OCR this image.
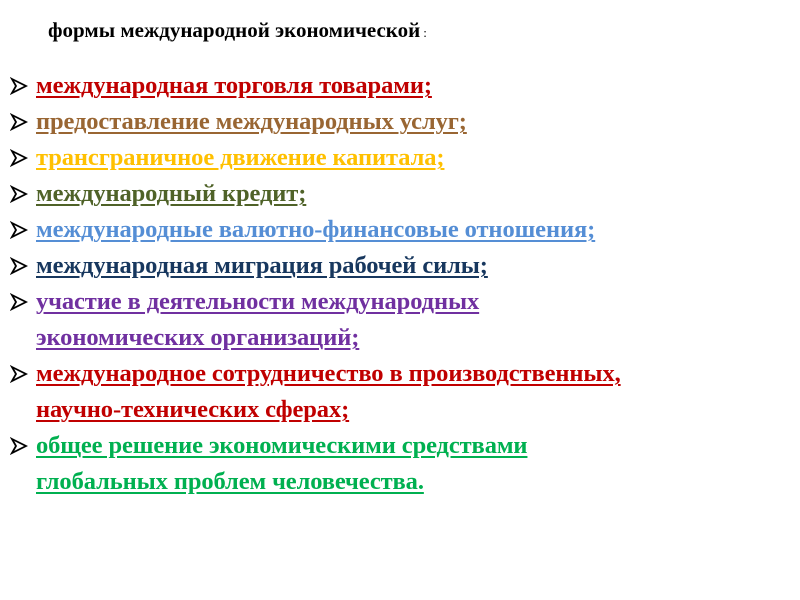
формы международной экономической :
международная торговля товарами;
предоставление международных услуг;
трансграничное движение капитала;
международный кредит;
международные валютно-финансовые отношения;
международная миграция рабочей силы;
участие в деятельности международных
экономических организаций;
международное сотрудничество в производственных,
научно-технических сферах;
общее решение экономическими средствами
глобальных проблем человечества.
